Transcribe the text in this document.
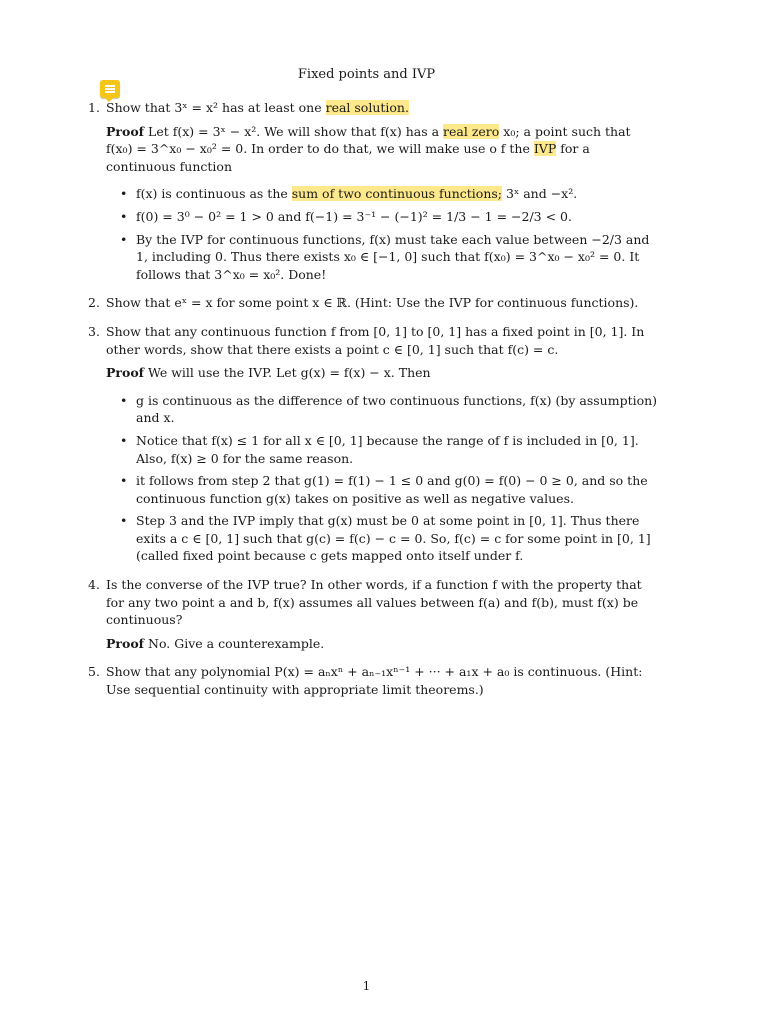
Fixed points and IVP
1. Show that 3ˣ = x² has at least one real solution.
Proof Let f(x) = 3ˣ − x². We will show that f(x) has a real zero x₀; a point such that f(x₀) = 3^x₀ − x₀² = 0. In order to do that, we will make use o f the IVP for a continuous function
• f(x) is continuous as the sum of two continuous functions; 3ˣ and −x².
• f(0) = 3⁰ − 0² = 1 > 0 and f(−1) = 3⁻¹ − (−1)² = 1/3 − 1 = −2/3 < 0.
• By the IVP for continuous functions, f(x) must take each value between −2/3 and 1, including 0. Thus there exists x₀ ∈ [−1, 0] such that f(x₀) = 3^x₀ − x₀² = 0. It follows that 3^x₀ = x₀². Done!
2. Show that eˣ = x for some point x ∈ ℝ. (Hint: Use the IVP for continuous functions).
3. Show that any continuous function f from [0, 1] to [0, 1] has a fixed point in [0, 1]. In other words, show that there exists a point c ∈ [0, 1] such that f(c) = c.
Proof We will use the IVP. Let g(x) = f(x) − x. Then
• g is continuous as the difference of two continuous functions, f(x) (by assumption) and x.
• Notice that f(x) ≤ 1 for all x ∈ [0, 1] because the range of f is included in [0, 1]. Also, f(x) ≥ 0 for the same reason.
• it follows from step 2 that g(1) = f(1) − 1 ≤ 0 and g(0) = f(0) − 0 ≥ 0, and so the continuous function g(x) takes on positive as well as negative values.
• Step 3 and the IVP imply that g(x) must be 0 at some point in [0, 1]. Thus there exits a c ∈ [0, 1] such that g(c) = f(c) − c = 0. So, f(c) = c for some point in [0, 1] (called fixed point because c gets mapped onto itself under f.
4. Is the converse of the IVP true? In other words, if a function f with the property that for any two point a and b, f(x) assumes all values between f(a) and f(b), must f(x) be continuous?
Proof No. Give a counterexample.
5. Show that any polynomial P(x) = aₙxⁿ + aₙ₋₁xⁿ⁻¹ + ··· + a₁x + a₀ is continuous. (Hint: Use sequential continuity with appropriate limit theorems.)
1
